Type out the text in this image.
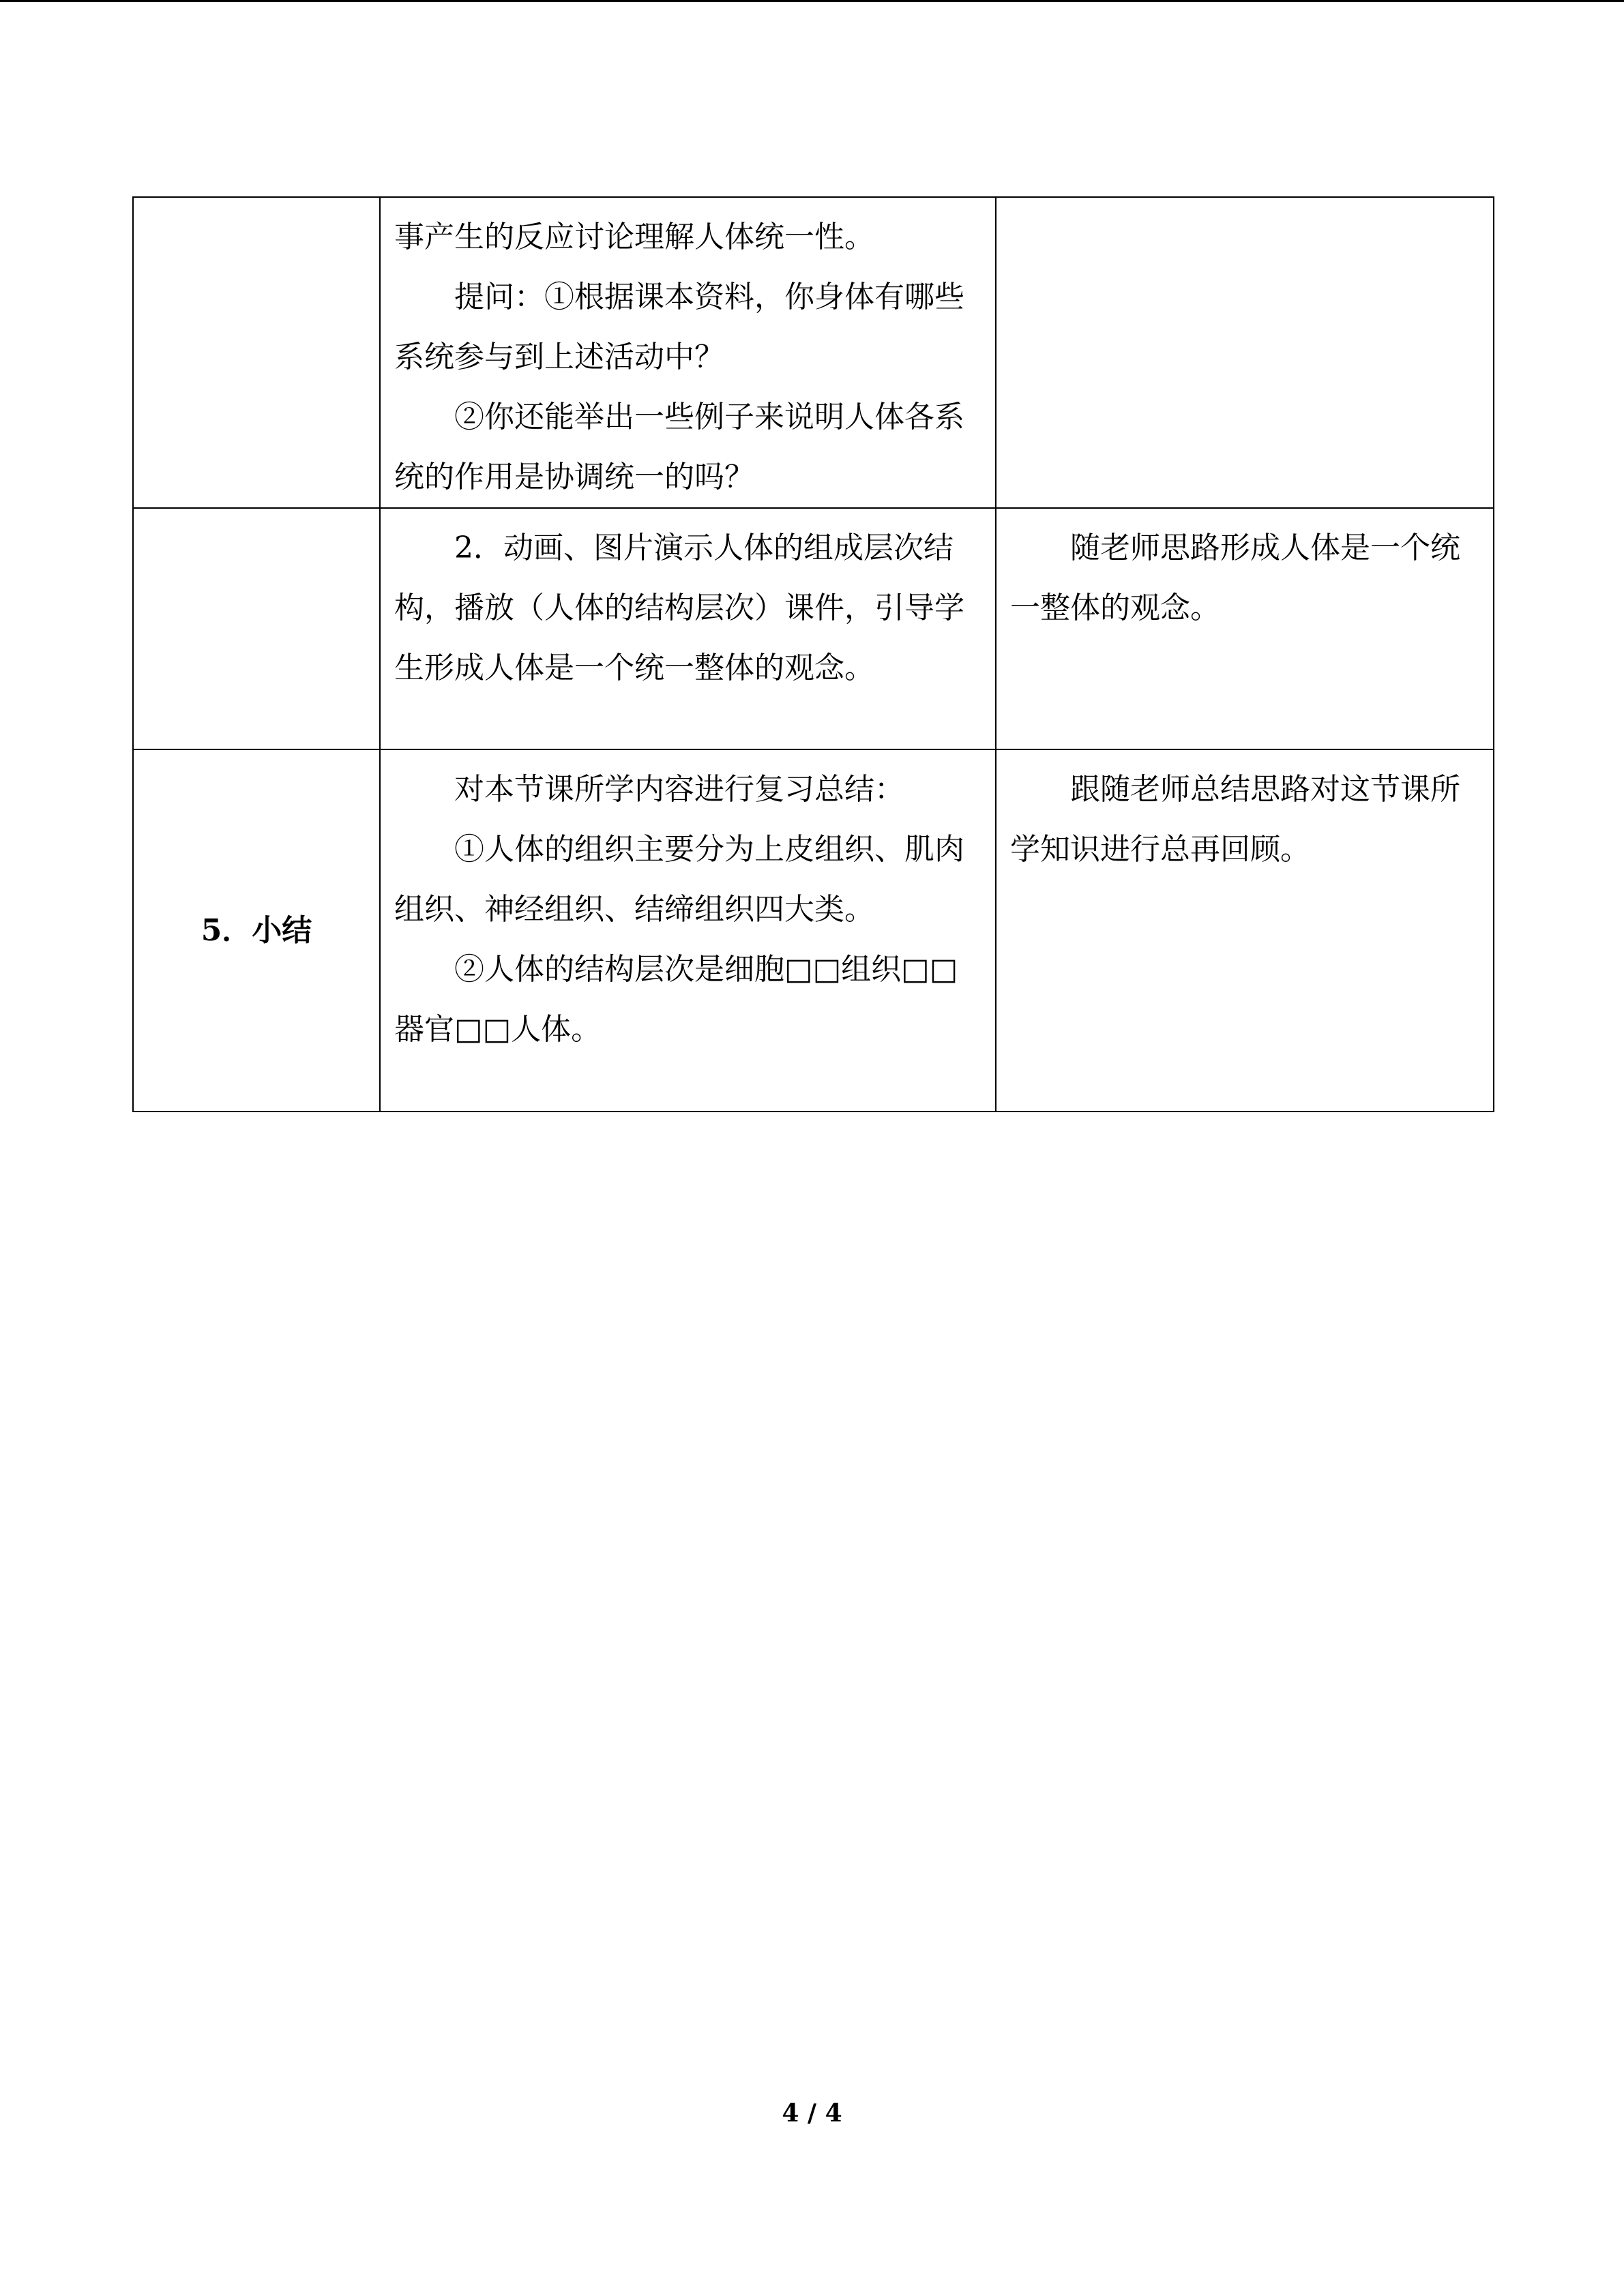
	事产生的反应讨论理解人体统一性。

提问：①根据课本资料，你身体有哪些系统参与到上述活动中？

②你还能举出一些例子来说明人体各系统的作用是协调统一的吗？	

	2．动画、图片演示人体的组成层次结构，播放（人体的结构层次）课件，引导学生形成人体是一个统一整体的观念。	随老师思路形成人体是一个统一整体的观念。

5．小结	对本节课所学内容进行复习总结：

①人体的组织主要分为上皮组织、肌肉组织、神经组织、结缔组织四大类。

②人体的结构层次是细胞□□组织□□器官□□人体。	跟随老师总结思路对这节课所学知识进行总再回顾。

4 / 4
